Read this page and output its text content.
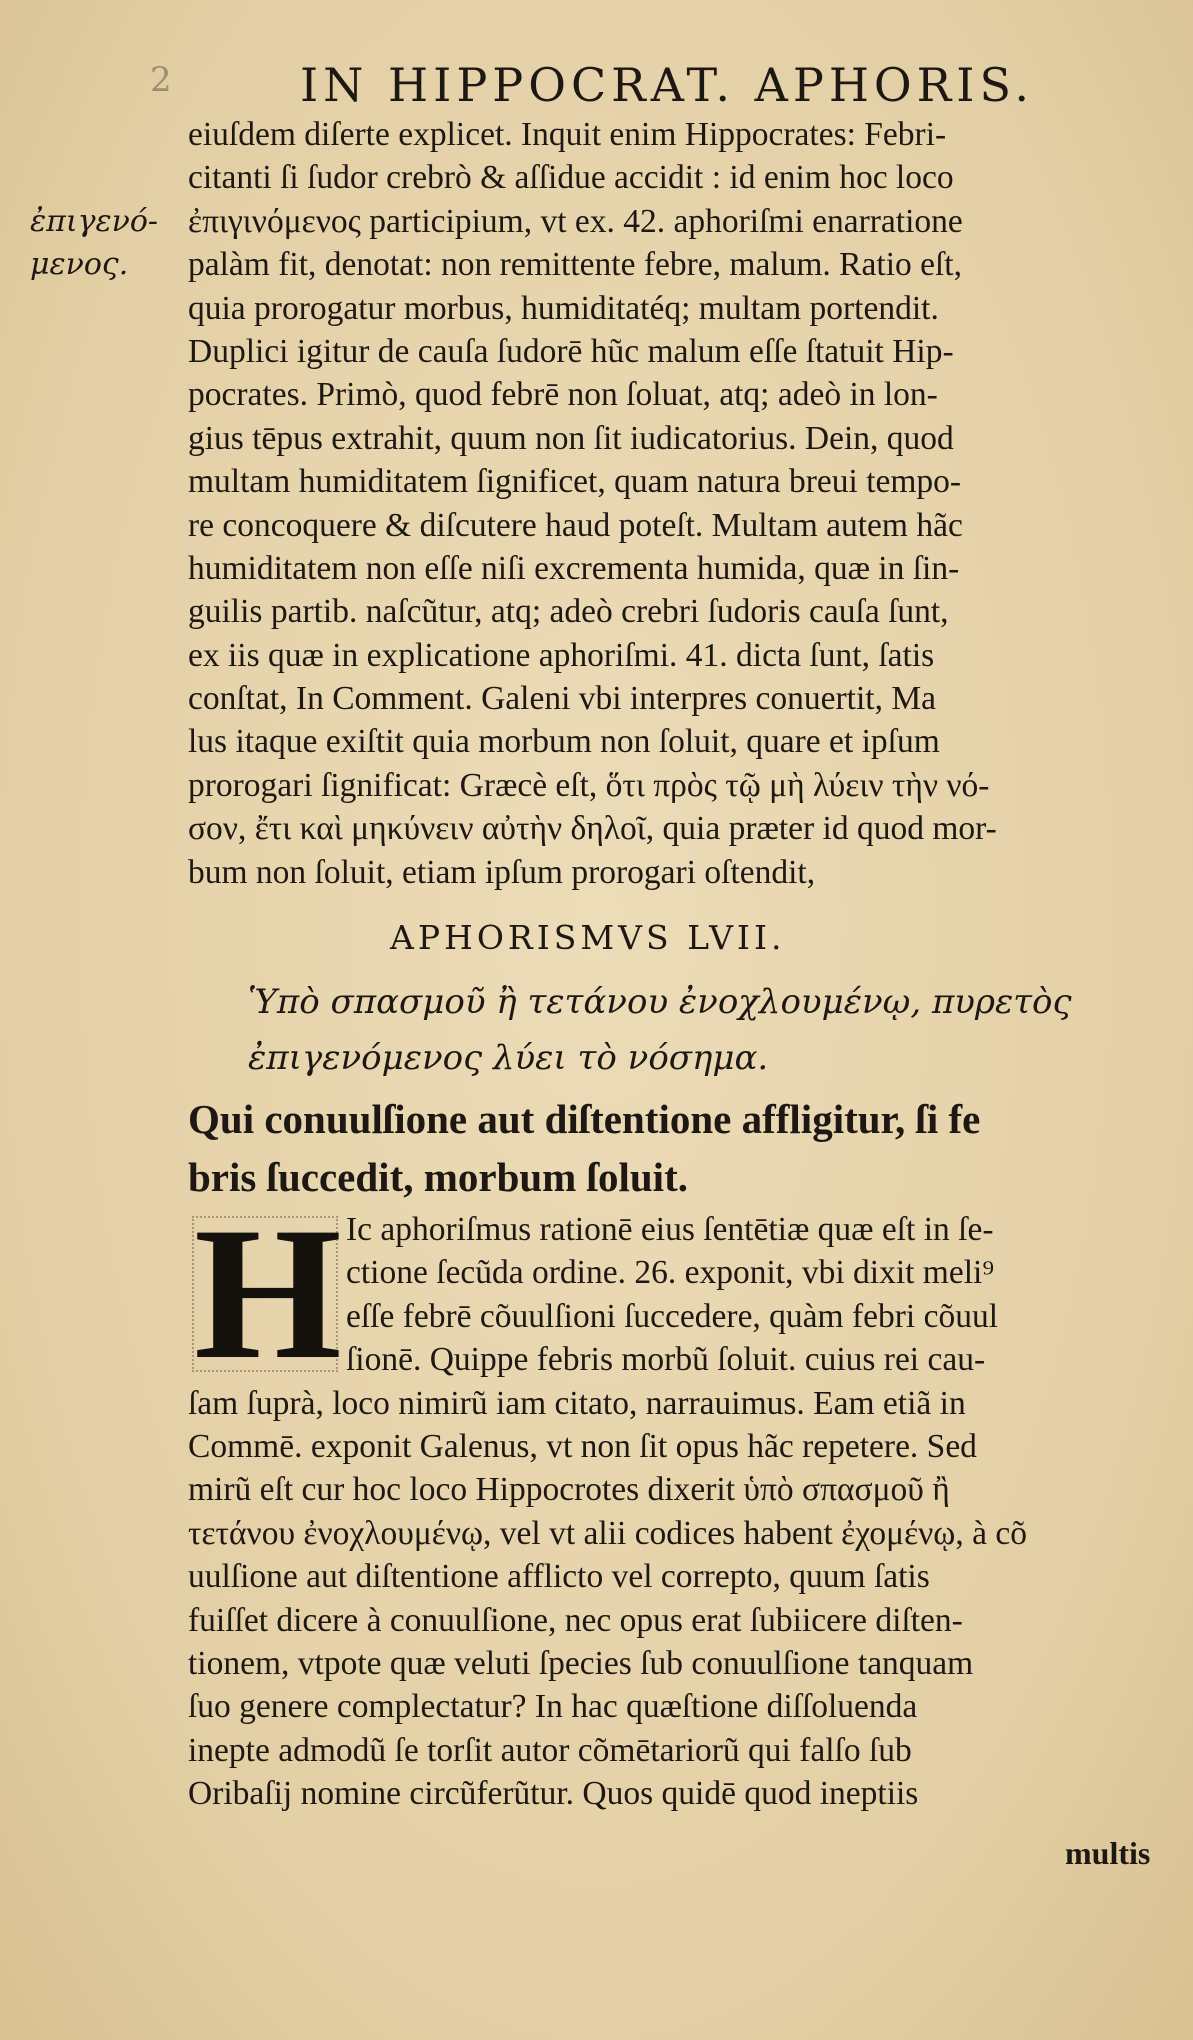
2	IN HIPPOCRAT. APHORIS.
ἐπιγενό-
μενος.
eiuſdem diſerte explicet. Inquit enim Hippocrates: Febri-
citanti ſi ſudor crebrò & aſſidue accidit : id enim hoc loco
ἐπιγινόμενος participium, vt ex. 42. aphoriſmi enarratione
palàm fit, denotat: non remittente febre, malum. Ratio eſt,
quia prorogatur morbus, humiditatéq; multam portendit.
Duplici igitur de cauſa ſudorē hũc malum eſſe ſtatuit Hip-
pocrates. Primò, quod febrē non ſoluat, atq; adeò in lon-
gius tēpus extrahit, quum non ſit iudicatorius. Dein, quod
multam humiditatem ſignificet, quam natura breui tempo-
re concoquere & diſcutere haud poteſt. Multam autem hãc
humiditatem non eſſe niſi excrementa humida, quæ in ſin-
guilis partib. naſcũtur, atq; adeò crebri ſudoris cauſa ſunt,
ex iis quæ in explicatione aphoriſmi. 41. dicta ſunt, ſatis
conſtat, In Comment. Galeni vbi interpres conuertit, Ma
lus itaque exiſtit quia morbum non ſoluit, quare et ipſum
prorogari ſignificat: Græcè eſt, ὅτι πρὸς τῷ μὴ λύειν τὴν νό-
σον, ἔτι καὶ μηκύνειν αὐτὴν δηλοῖ, quia præter id quod mor-
bum non ſoluit, etiam ipſum prorogari oſtendit,
APHORISMVS LVII.
Ὑπὸ σπασμοῦ ἢ τετάνου ἐνοχλουμένῳ, πυρετὸς
ἐπιγενόμενος λύει τὸ νόσημα.
Qui conuulſione aut diſtentione affligitur, ſi fe
bris ſuccedit, morbum ſoluit.
H Ic aphoriſmus rationē eius ſentētiæ quæ eſt in ſe-
ctione ſecũda ordine. 26. exponit, vbi dixit meli⁹
eſſe febrē cõuulſioni ſuccedere, quàm febri cõuul
ſionē. Quippe febris morbũ ſoluit. cuius rei cau-
ſam ſuprà, loco nimirũ iam citato, narrauimus. Eam etiã in
Commē. exponit Galenus, vt non ſit opus hãc repetere. Sed
mirũ eſt cur hoc loco Hippocrotes dixerit ὑπὸ σπασμοῦ ἢ
τετάνου ἐνοχλουμένῳ, vel vt alii codices habent ἐχομένῳ, à cõ
uulſione aut diſtentione afflicto vel correpto, quum ſatis
fuiſſet dicere à conuulſione, nec opus erat ſubiicere diſten-
tionem, vtpote quæ veluti ſpecies ſub conuulſione tanquam
ſuo genere complectatur? In hac quæſtione diſſoluenda
inepte admodũ ſe torſit autor cõmētariorũ qui falſo ſub
Oribaſij nomine circũferũtur. Quos quidē quod ineptiis
multis
